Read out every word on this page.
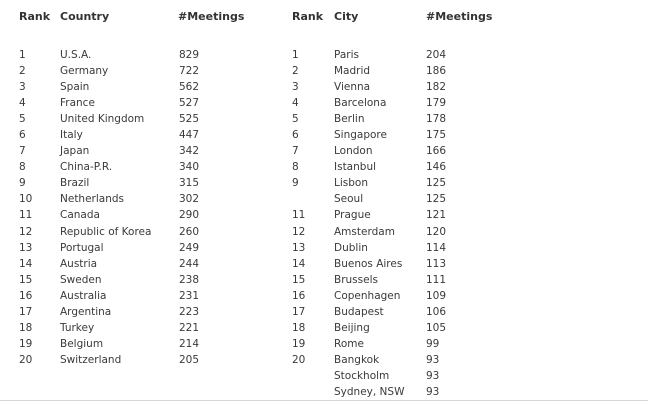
Rank Country	#Meetings	Rank City	#Meetings
1	U.S.A.	829
2	Germany	722
3	Spain	562
4	France	527
5	United Kingdom	525
6	Italy	447
7	Japan	342
8	China-P.R.	340
9	Brazil	315
10	Netherlands	302
11	Canada	290
12	Republic of Korea	260
13	Portugal	249
14	Austria	244
15	Sweden	238
16	Australia	231
17	Argentina	223
18	Turkey	221
19	Belgium	214
20	Switzerland	205
1	Paris	204
2	Madrid	186
3	Vienna	182
4	Barcelona	179
5	Berlin	178
6	Singapore	175
7	London	166
8	Istanbul	146
9	Lisbon	125
Seoul	125
11	Prague	121
12	Amsterdam	120
13	Dublin	114
14	Buenos Aires 113
15	Brussels	111
16	Copenhagen 109
17	Budapest	106
18	Beijing	105
19	Rome	99
20	Bangkok	93
Stockholm	93
Sydney, NSW 93
